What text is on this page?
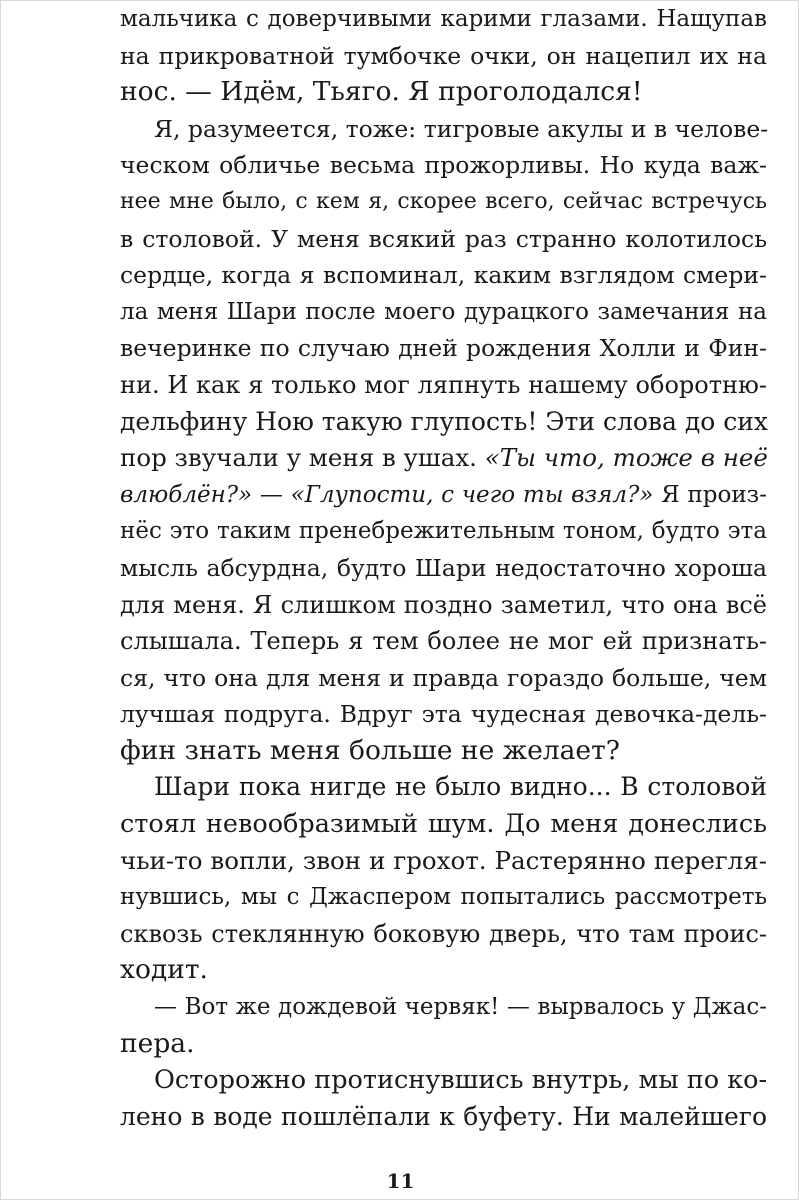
мальчика с доверчивыми карими глазами. Нащупав
на прикроватной тумбочке очки, он нацепил их на
нос. — Идём, Тьяго. Я проголодался!
Я, разумеется, тоже: тигровые акулы и в челове-
ческом обличье весьма прожорливы. Но куда важ-
нее мне было, с кем я, скорее всего, сейчас встречусь
в столовой. У меня всякий раз странно колотилось
сердце, когда я вспоминал, каким взглядом смери-
ла меня Шари после моего дурацкого замечания на
вечеринке по случаю дней рождения Холли и Фин-
ни. И как я только мог ляпнуть нашему оборотню-
дельфину Ною такую глупость! Эти слова до сих
пор звучали у меня в ушах. «Ты что, тоже в неё
влюблён?» — «Глупости, с чего ты взял?» Я произ-
нёс это таким пренебрежительным тоном, будто эта
мысль абсурдна, будто Шари недостаточно хороша
для меня. Я слишком поздно заметил, что она всё
слышала. Теперь я тем более не мог ей признать-
ся, что она для меня и правда гораздо больше, чем
лучшая подруга. Вдруг эта чудесная девочка-дель-
фин знать меня больше не желает?
Шари пока нигде не было видно... В столовой
стоял невообразимый шум. До меня донеслись
чьи-то вопли, звон и грохот. Растерянно перегля-
нувшись, мы с Джаспером попытались рассмотреть
сквозь стеклянную боковую дверь, что там проис-
ходит.
— Вот же дождевой червяк! — вырвалось у Джас-
пера.
Осторожно протиснувшись внутрь, мы по ко-
лено в воде пошлёпали к буфету. Ни малейшего
11
